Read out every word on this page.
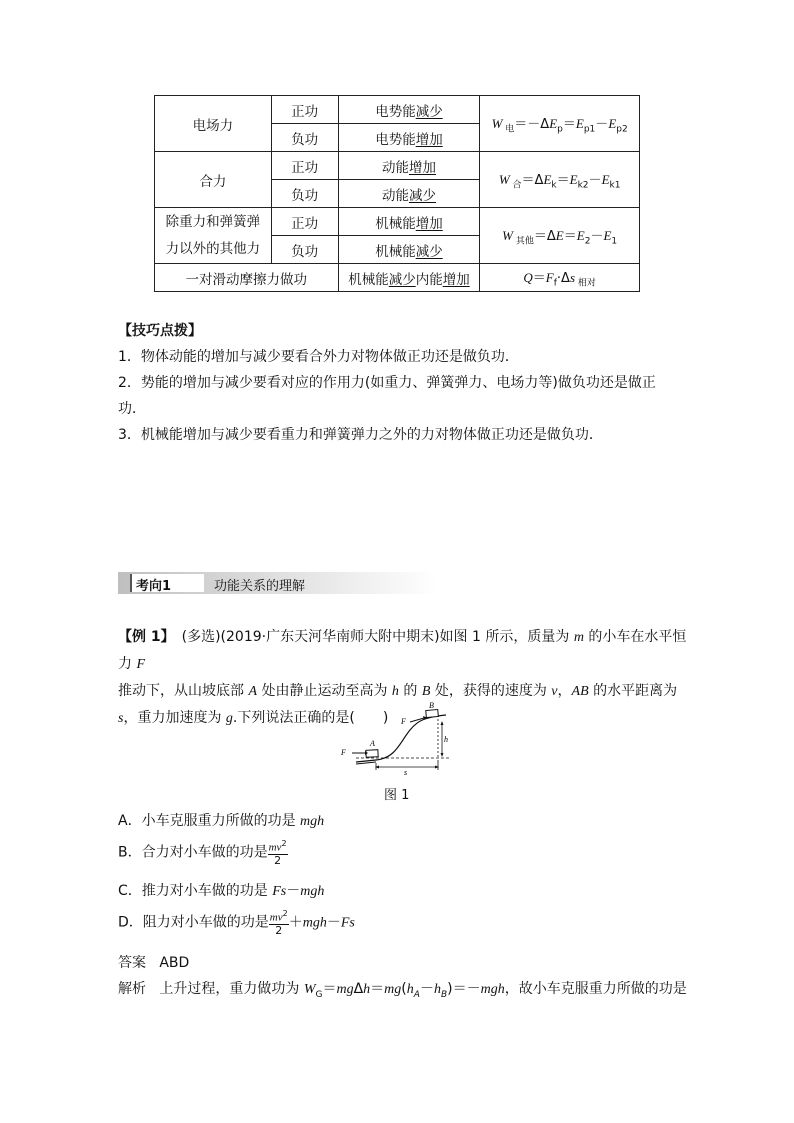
电场力	正功	电势能减少	W $_电=-\Delta E_p=E_{p1}-E_{p2}$
	负功	电势能增加	
合力	正功	动能增加	W $_合=\Delta E_k=E_{k2}-E_{k1}$
	负功	动能减少	
除重力和弹簧弹
力以外的其他力	正功	机械能增加	W $_{其他}=\Delta E=E_2-E_1$
	负功	机械能减少	
一对滑动摩擦力做功		机械能减少内能增加	$Q=F_f\cdot\Delta s$ $_{相对}$

【技巧点拨】

1．物体动能的增加与减少要看合外力对物体做正功还是做负功．

2．势能的增加与减少要看对应的作用力(如重力、弹簧弹力、电场力等)做负功还是做正

功．

3．机械能增加与减少要看重力和弹簧弹力之外的力对物体做正功还是做负功．

考向1	功能关系的理解

【例 1】　(多选)(2019·广东天河华南师大附中期末)如图 1 所示，质量为 m 的小车在水平恒力 F

推动下，从山坡底部 A 处由静止运动至高为 h 的 B 处，获得的速度为 v，AB 的水平距离为

s，重力加速度为 g.下列说法正确的是(　　)

F
A
F
B
h
s
图 1
A．小车克服重力所做的功是 mgh
B．合力对小车做的功是 $\frac{mv^2}{2}$
C．推力对小车做的功是 Fs－mgh
D．阻力对小车做的功是 $\frac{mv^2}{2} +mgh-Fs$
答案 ABD
解析 上升过程，重力做功为 $W_G=mg\Delta h=mg(h_A-h_B)=-mgh$，故小车克服重力所做的功是
